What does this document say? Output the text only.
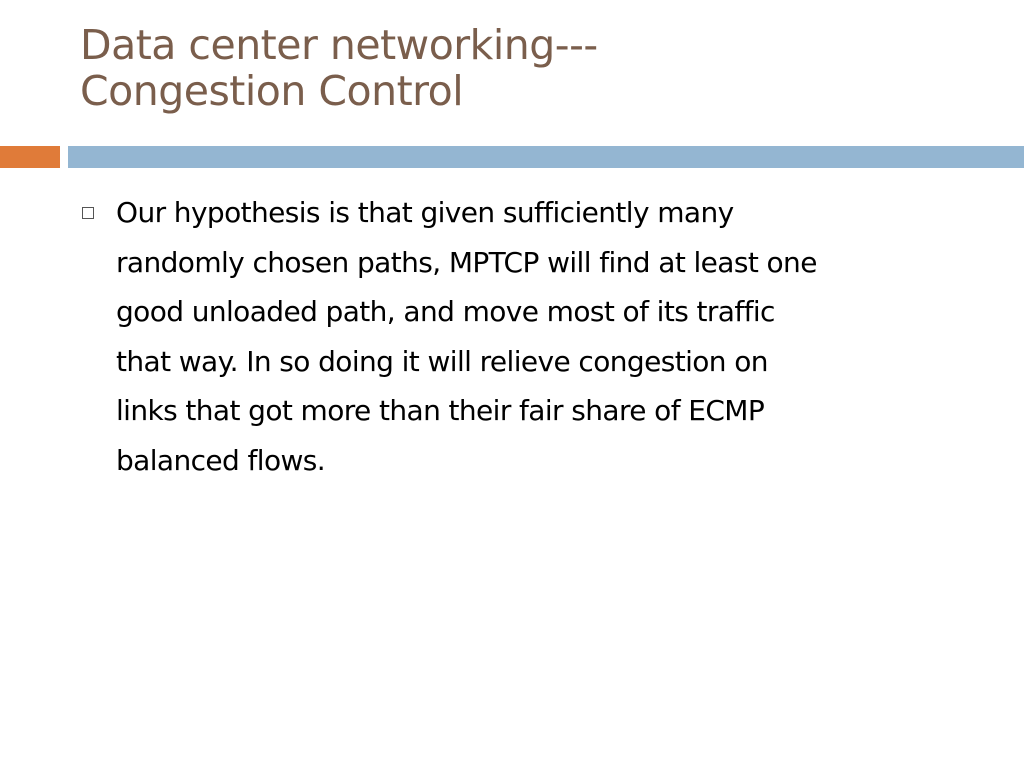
Data center networking---
Congestion Control

Our hypothesis is that given sufficiently many
randomly chosen paths, MPTCP will find at least one
good unloaded path, and move most of its traffic
that way. In so doing it will relieve congestion on
links that got more than their fair share of ECMP
balanced flows.
